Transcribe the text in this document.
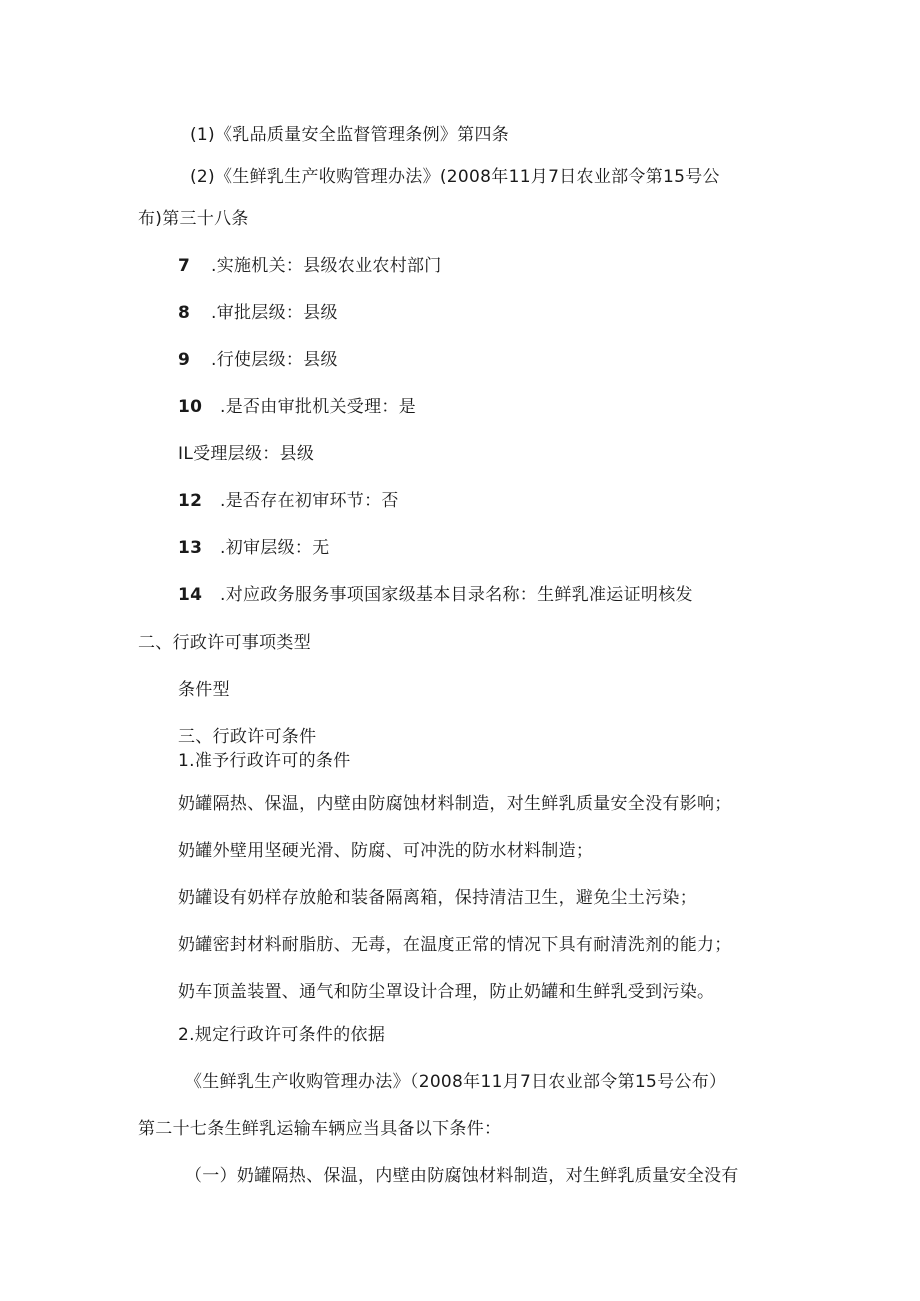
(1)《乳品质量安全监督管理条例》第四条
(2)《生鲜乳生产收购管理办法》(2008年11月7日农业部令第15号公
布)第三十八条
7 .实施机关：县级农业农村部门
8 .审批层级：县级
9 .行使层级：县级
10 .是否由审批机关受理：是
IL受理层级：县级
12 .是否存在初审环节：否
13 .初审层级：无
14 .对应政务服务事项国家级基本目录名称：生鲜乳准运证明核发
二、行政许可事项类型
条件型
三、行政许可条件
1.准予行政许可的条件
奶罐隔热、保温，内壁由防腐蚀材料制造，对生鲜乳质量安全没有影响；
奶罐外壁用坚硬光滑、防腐、可冲洗的防水材料制造；
奶罐设有奶样存放舱和装备隔离箱，保持清洁卫生，避免尘土污染；
奶罐密封材料耐脂肪、无毒，在温度正常的情况下具有耐清洗剂的能力；
奶车顶盖装置、通气和防尘罩设计合理，防止奶罐和生鲜乳受到污染。
2.规定行政许可条件的依据
《生鲜乳生产收购管理办法》（2008年11月7日农业部令第15号公布）
第二十七条生鲜乳运输车辆应当具备以下条件：
（一）奶罐隔热、保温，内壁由防腐蚀材料制造，对生鲜乳质量安全没有
